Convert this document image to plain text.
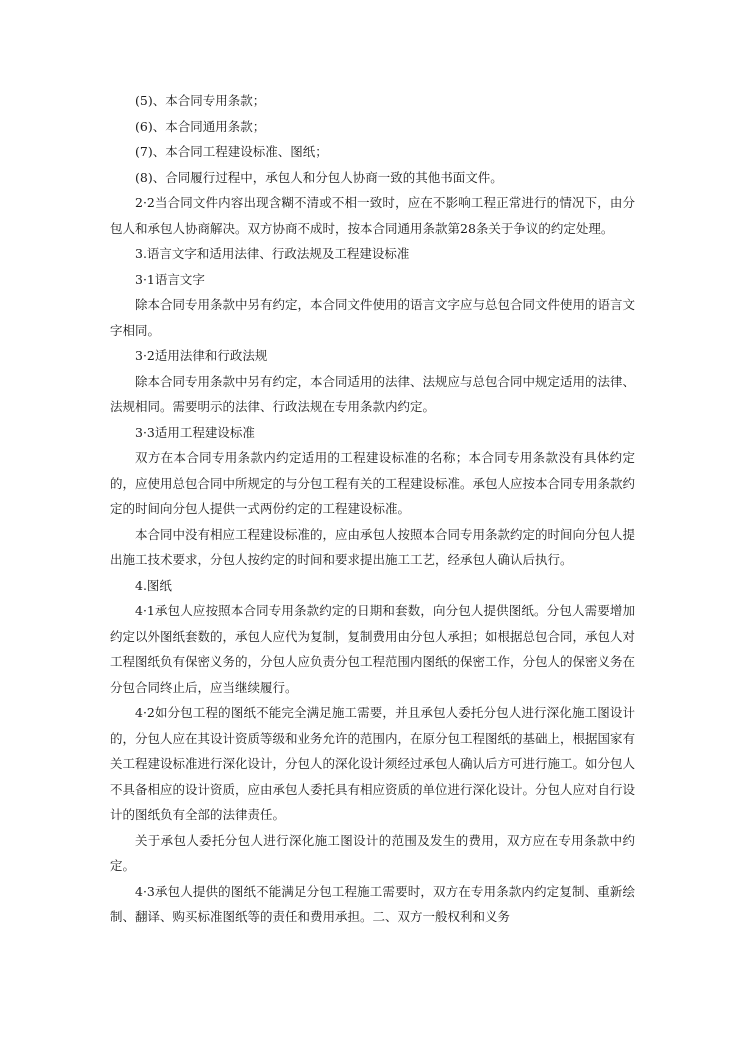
(5)、本合同专用条款；

(6)、本合同通用条款；

(7)、本合同工程建设标准、图纸；

(8)、合同履行过程中，承包人和分包人协商一致的其他书面文件。

2·2当合同文件内容出现含糊不清或不相一致时，应在不影响工程正常进行的情况下，由分包人和承包人协商解决。双方协商不成时，按本合同通用条款第28条关于争议的约定处理。

3.语言文字和适用法律、行政法规及工程建设标准

3·1语言文字

除本合同专用条款中另有约定，本合同文件使用的语言文字应与总包合同文件使用的语言文字相同。

3·2适用法律和行政法规

除本合同专用条款中另有约定，本合同适用的法律、法规应与总包合同中规定适用的法律、法规相同。需要明示的法律、行政法规在专用条款内约定。

3·3适用工程建设标准

双方在本合同专用条款内约定适用的工程建设标准的名称；本合同专用条款没有具体约定的，应使用总包合同中所规定的与分包工程有关的工程建设标准。承包人应按本合同专用条款约定的时间向分包人提供一式两份约定的工程建设标准。

本合同中没有相应工程建设标准的，应由承包人按照本合同专用条款约定的时间向分包人提出施工技术要求，分包人按约定的时间和要求提出施工工艺，经承包人确认后执行。

4.图纸

4·1承包人应按照本合同专用条款约定的日期和套数，向分包人提供图纸。分包人需要增加约定以外图纸套数的，承包人应代为复制，复制费用由分包人承担；如根据总包合同，承包人对工程图纸负有保密义务的，分包人应负责分包工程范围内图纸的保密工作，分包人的保密义务在分包合同终止后，应当继续履行。

4·2如分包工程的图纸不能完全满足施工需要，并且承包人委托分包人进行深化施工图设计的，分包人应在其设计资质等级和业务允许的范围内，在原分包工程图纸的基础上，根据国家有关工程建设标准进行深化设计，分包人的深化设计须经过承包人确认后方可进行施工。如分包人不具备相应的设计资质，应由承包人委托具有相应资质的单位进行深化设计。分包人应对自行设计的图纸负有全部的法律责任。

关于承包人委托分包人进行深化施工图设计的范围及发生的费用，双方应在专用条款中约定。

4·3承包人提供的图纸不能满足分包工程施工需要时，双方在专用条款内约定复制、重新绘制、翻译、购买标准图纸等的责任和费用承担。二、双方一般权利和义务
